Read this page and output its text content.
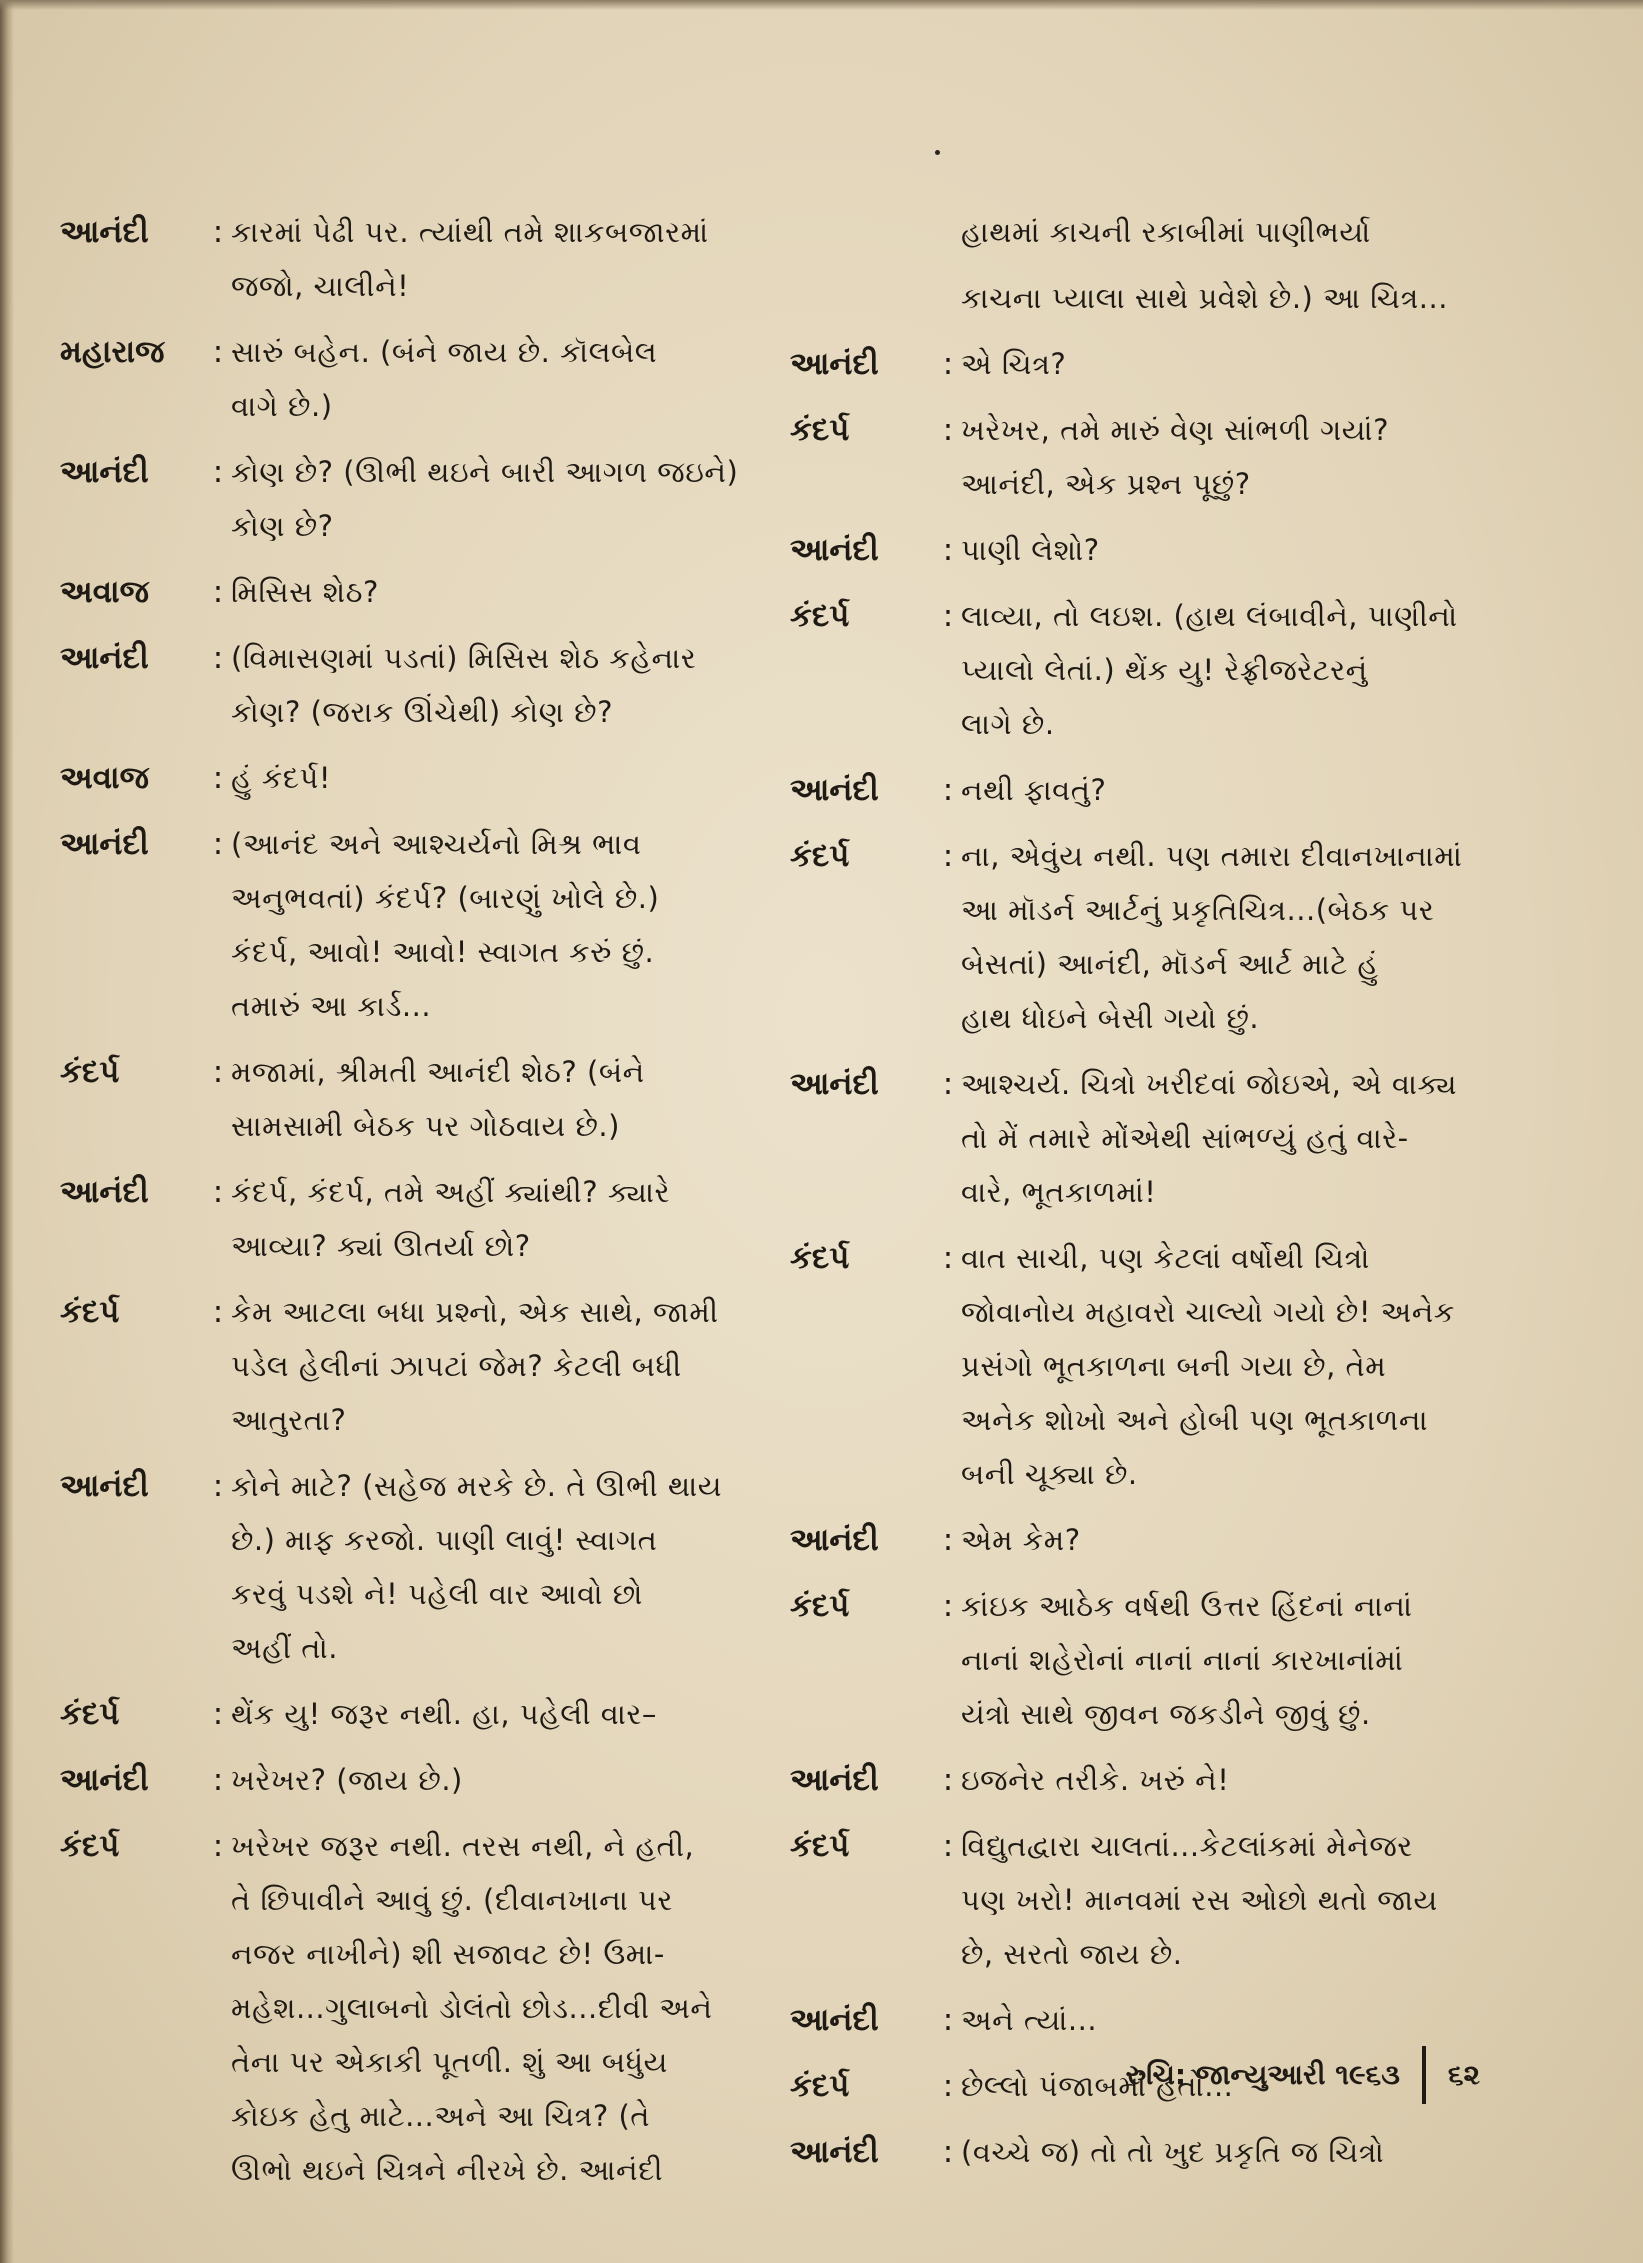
આનંદી	: કારમાં પેઢી પર. ત્યાંથી તમે શાકબજારમાં
જજો, ચાલીને!
મહારાજ	: સારું બહેન. (બંને જાય છે. કૉલબેલ
વાગે છે.)
આનંદી	: કોણ છે? (ઊભી થઇને બારી આગળ જઇને)
કોણ છે?
અવાજ	: મિસિસ શેઠ?
આનંદી	: (વિમાસણમાં પડતાં) મિસિસ શેઠ કહેનાર
કોણ? (જરાક ઊંચેથી) કોણ છે?
અવાજ	: હું કંદર્પ!
આનંદી	: (આનંદ અને આશ્ચર્યનો મિશ્ર ભાવ
અનુભવતાં) કંદર્પ? (બારણું ખોલે છે.)
કંદર્પ, આવો! આવો! સ્વાગત કરું છું.
તમારું આ કાર્ડ...
કંદર્પ	: મજામાં, શ્રીમતી આનંદી શેઠ? (બંને
સામસામી બેઠક પર ગોઠવાય છે.)
આનંદી	: કંદર્પ, કંદર્પ, તમે અહીં ક્યાંથી? ક્યારે
આવ્યા? ક્યાં ઊતર્યા છો?
કંદર્પ	: કેમ આટલા બધા પ્રશ્નો, એક સાથે, જામી
પડેલ હેલીનાં ઝાપટાં જેમ? કેટલી બધી
આતુરતા?
આનંદી	: કોને માટે? (સહેજ મરકે છે. તે ઊભી થાય
છે.) માફ કરજો. પાણી લાવું! સ્વાગત
કરવું પડશે ને! પહેલી વાર આવો છો
અહીં તો.
કંદર્પ	: થેંક યુ! જરૂર નથી. હા, પહેલી વાર–
આનંદી	: ખરેખર? (જાય છે.)
કંદર્પ	: ખરેખર જરૂર નથી. તરસ નથી, ને હતી,
તે છિપાવીને આવું છું. (દીવાનખાના પર
નજર નાખીને) શી સજાવટ છે! ઉમા-
મહેશ...ગુલાબનો ડોલંતો છોડ...દીવી અને
તેના પર એકાકી પૂતળી. શું આ બધુંય
કોઇક હેતુ માટે...અને આ ચિત્ર? (તે
ઊભો થઇને ચિત્રને નીરખે છે. આનંદી
હાથમાં કાચની રકાબીમાં પાણીભર્યા
કાચના પ્યાલા સાથે પ્રવેશે છે.) આ ચિત્ર...
આનંદી	: એ ચિત્ર?
કંદર્પ	: ખરેખર, તમે મારું વેણ સાંભળી ગયાં?
આનંદી, એક પ્રશ્ન પૂછું?
આનંદી	: પાણી લેશો?
કંદર્પ	: લાવ્યા, તો લઇશ. (હાથ લંબાવીને, પાણીનો
પ્યાલો લેતાં.) થેંક યુ! રેફ્રીજરેટરનું
લાગે છે.
આનંદી	: નથી ફાવતું?
કંદર્પ	: ના, એવુંય નથી. પણ તમારા દીવાનખાનામાં
આ મૉડર્ન આર્ટનું પ્રકૃતિચિત્ર...(બેઠક પર
બેસતાં) આનંદી, મૉડર્ન આર્ટ માટે હું
હાથ ધોઇને બેસી ગયો છું.
આનંદી	: આશ્ચર્ય. ચિત્રો ખરીદવાં જોઇએ, એ વાક્ય
તો મેં તમારે મોંએથી સાંભળ્યું હતું વારે-
વારે, ભૂતકાળમાં!
કંદર્પ	: વાત સાચી, પણ કેટલાં વર્ષોથી ચિત્રો
જોવાનોય મહાવરો ચાલ્યો ગયો છે! અનેક
પ્રસંગો ભૂતકાળના બની ગયા છે, તેમ
અનેક શોખો અને હોબી પણ ભૂતકાળના
બની ચૂક્યા છે.
આનંદી	: એમ કેમ?
કંદર્પ	: કાંઇક આઠેક વર્ષથી ઉત્તર હિંદનાં નાનાં
નાનાં શહેરોનાં નાનાં નાનાં કારખાનાંમાં
યંત્રો સાથે જીવન જકડીને જીવું છું.
આનંદી	: ઇજનેર તરીકે. ખરું ને!
કંદર્પ	: વિદ્યુતદ્વારા ચાલતાં...કેટલાંકમાં મેનેજર
પણ ખરો! માનવમાં રસ ઓછો થતો જાય
છે, સરતો જાય છે.
આનંદી	: અને ત્યાં...
કંદર્પ	: છેલ્લો પંજાબમાં હતો...
આનંદી	: (વચ્ચે જ) તો તો ખુદ પ્રકૃતિ જ ચિત્રો
રુચિ: જાન્યુઆરી ૧૯૬૩ ૬૨
